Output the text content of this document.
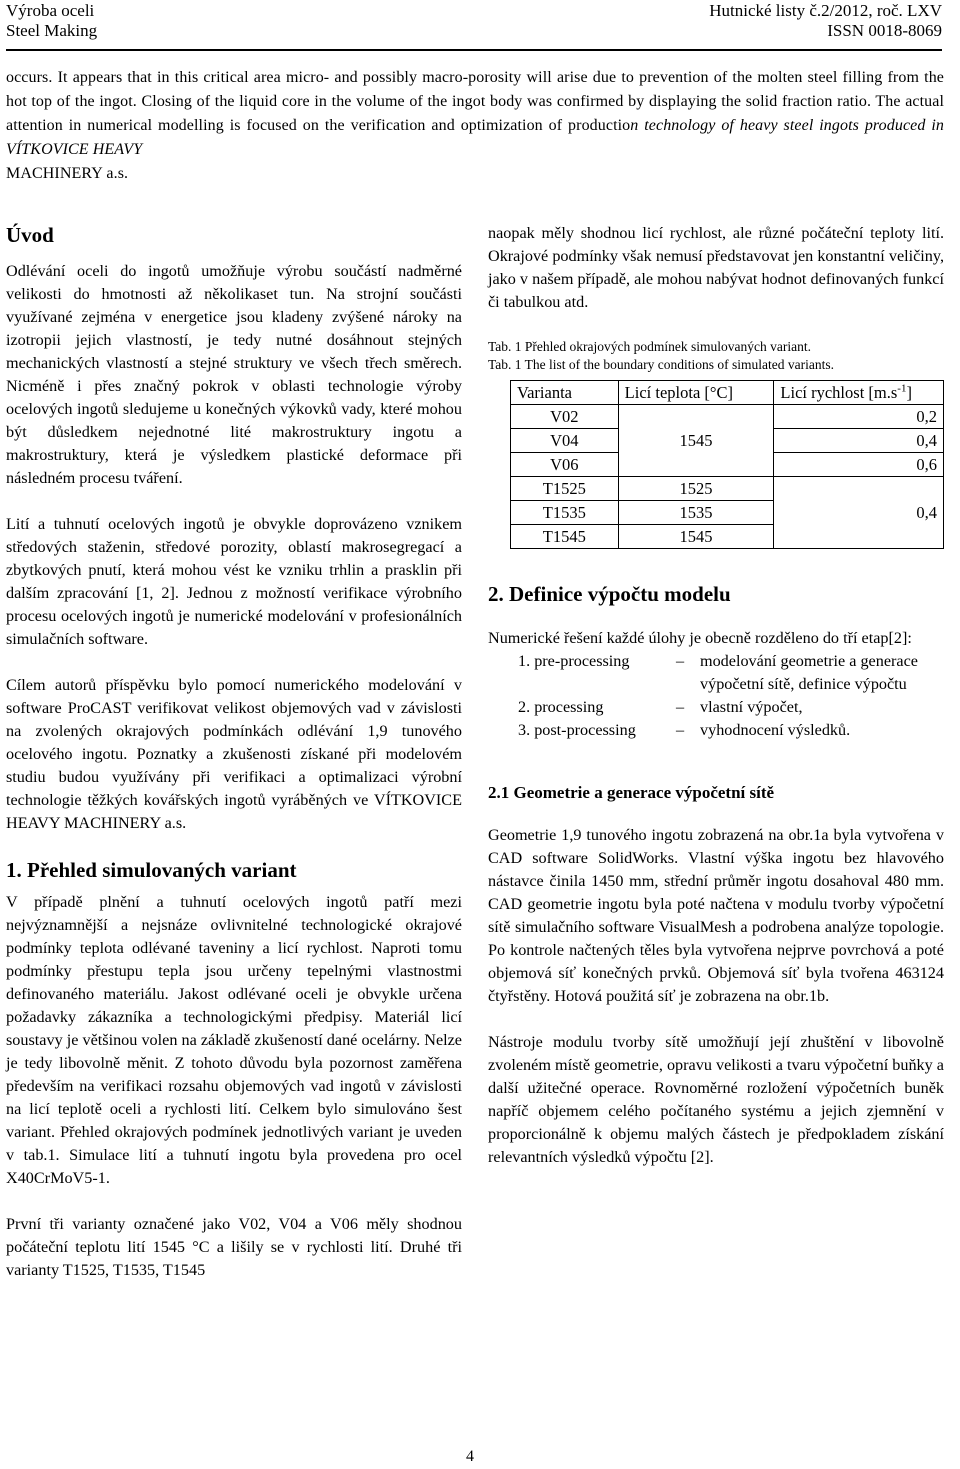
Výroba oceli
Steel Making
Hutnické listy č.2/2012, roč. LXV
ISSN 0018-8069

occurs. It appears that in this critical area micro- and possibly macro-porosity will arise due to prevention of the molten steel filling from the hot top of the ingot. Closing of the liquid core in the volume of the ingot body was confirmed by displaying the solid fraction ratio. The actual attention in numerical modelling is focused on the verification and optimization of production technology of heavy steel ingots produced in VÍTKOVICE HEAVY
MACHINERY a.s.

Úvod

Odlévání oceli do ingotů umožňuje výrobu součástí nadměrné velikosti do hmotnosti až několikaset tun. Na strojní součásti využívané zejména v energetice jsou kladeny zvýšené nároky na izotropii jejich vlastností, je tedy nutné dosáhnout stejných mechanických vlastností a stejné struktury ve všech třech směrech. Nicméně i přes značný pokrok v oblasti technologie výroby ocelových ingotů sledujeme u konečných výkovků vady, které mohou být důsledkem nejednotné lité makrostruktury ingotu a makrostruktury, která je výsledkem plastické deformace při následném procesu tváření.

Lití a tuhnutí ocelových ingotů je obvykle doprovázeno vznikem středových staženin, středové porozity, oblastí makrosegregací a zbytkových pnutí, která mohou vést ke vzniku trhlin a prasklin při dalším zpracování [1, 2]. Jednou z možností verifikace výrobního procesu ocelových ingotů je numerické modelování v profesionálních simulačních software.

Cílem autorů příspěvku bylo pomocí numerického modelování v software ProCAST verifikovat velikost objemových vad v závislosti na zvolených okrajových podmínkách odlévání 1,9 tunového ocelového ingotu. Poznatky a zkušenosti získané při modelovém studiu budou využívány při verifikaci a optimalizaci výrobní technologie těžkých kovářských ingotů vyráběných ve VÍTKOVICE HEAVY MACHINERY a.s.

1. Přehled simulovaných variant

V případě plnění a tuhnutí ocelových ingotů patří mezi nejvýznamnější a nejsnáze ovlivnitelné technologické okrajové podmínky teplota odlévané taveniny a licí rychlost. Naproti tomu podmínky přestupu tepla jsou určeny tepelnými vlastnostmi definovaného materiálu. Jakost odlévané oceli je obvykle určena požadavky zákazníka a technologickými předpisy. Materiál licí soustavy je většinou volen na základě zkušeností dané ocelárny. Nelze je tedy libovolně měnit. Z tohoto důvodu byla pozornost zaměřena především na verifikaci rozsahu objemových vad ingotů v závislosti na licí teplotě oceli a rychlosti lití. Celkem bylo simulováno šest variant. Přehled okrajových podmínek jednotlivých variant je uveden v tab.1. Simulace lití a tuhnutí ingotu byla provedena pro ocel X40CrMoV5-1.

První tři varianty označené jako V02, V04 a V06 měly shodnou počáteční teplotu lití 1545 °C a lišily se v rychlosti lití. Druhé tři varianty T1525, T1535, T1545

naopak měly shodnou licí rychlost, ale různé počáteční teploty lití. Okrajové podmínky však nemusí představovat jen konstantní veličiny, jako v našem případě, ale mohou nabývat hodnot definovaných funkcí či tabulkou atd.

Tab. 1 Přehled okrajových podmínek simulovaných variant.
Tab. 1 The list of the boundary conditions of simulated variants.
Varianta	Licí teplota [°C]	Licí rychlost $[m.s^{-1}]$
V02	1545	0,2
V04		0,4
V06		0,6
T1525	1525	0,4
T1535	1535	
T1545	1545	
2. Definice výpočtu modelu

Numerické řešení každé úlohy je obecně rozděleno do tří etap[2]:

1. pre-processing	– modelování geometrie a generace výpočetní sítě, definice výpočtu
2. processing	– vlastní výpočet,
3. post-processing	– vyhodnocení výsledků.
2.1 Geometrie a generace výpočetní sítě

Geometrie 1,9 tunového ingotu zobrazená na obr.1a byla vytvořena v CAD software SolidWorks. Vlastní výška ingotu bez hlavového nástavce činila 1450 mm, střední průměr ingotu dosahoval 480 mm. CAD geometrie ingotu byla poté načtena v modulu tvorby výpočetní sítě simulačního software VisualMesh a podrobena analýze topologie. Po kontrole načtených těles byla vytvořena nejprve povrchová a poté objemová síť konečných prvků. Objemová síť byla tvořena 463124 čtyřstěny. Hotová použitá síť je zobrazena na obr.1b.

Nástroje modulu tvorby sítě umožňují její zhuštění v libovolně zvoleném místě geometrie, opravu velikosti a tvaru výpočetní buňky a další užitečné operace. Rovnoměrné rozložení výpočetních buněk napříč objemem celého počítaného systému a jejich zjemnění v proporcionálně k objemu malých částech je předpokladem získání relevantních výsledků výpočtu [2].

4
